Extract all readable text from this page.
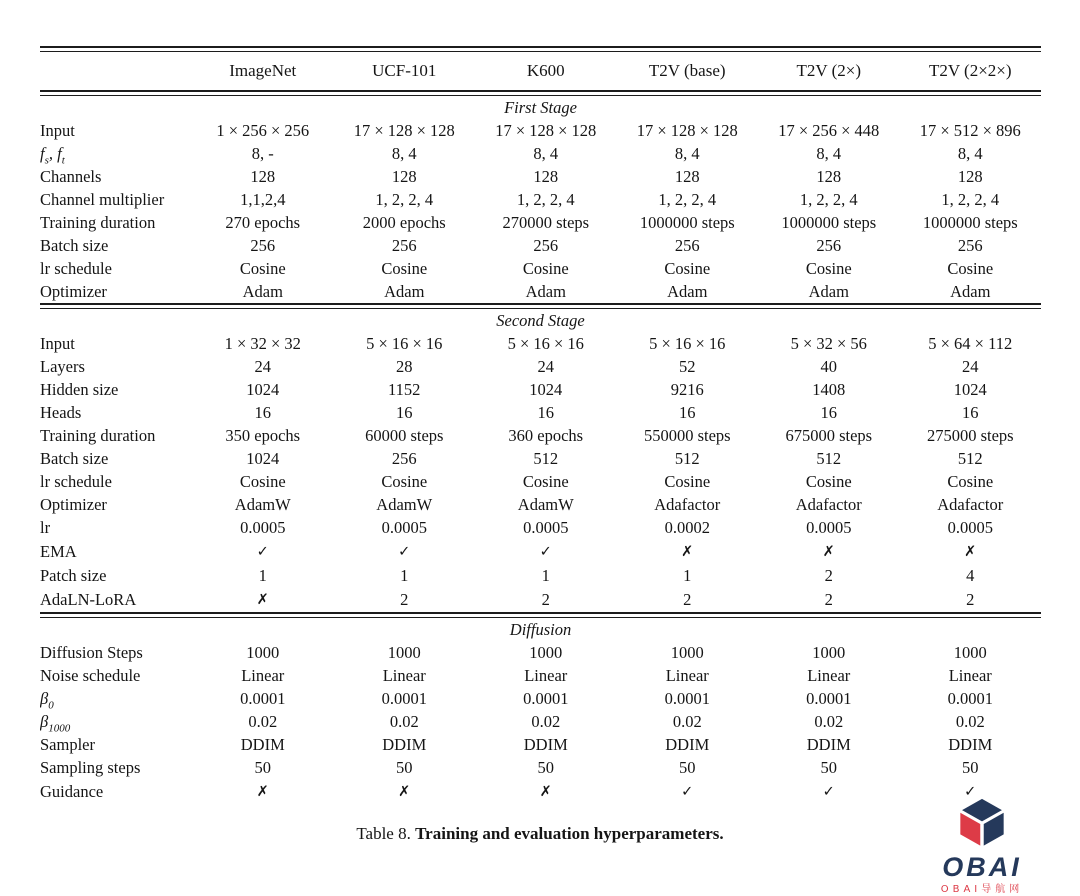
	ImageNet	UCF-101	K600	T2V (base)	T2V (2×)	T2V (2×2×)

First Stage						
Input	1 × 256 × 256	17 × 128 × 128	17 × 128 × 128	17 × 128 × 128	17 × 256 × 448	17 × 512 × 896
$f_s$, $f_t$	8, -	8, 4	8, 4	8, 4	8, 4	8, 4
Channels	128	128	128	128	128	128
Channel multiplier	1,1,2,4	1, 2, 2, 4	1, 2, 2, 4	1, 2, 2, 4	1, 2, 2, 4	1, 2, 2, 4
Training duration	270 epochs	2000 epochs	270000 steps	1000000 steps	1000000 steps	1000000 steps
Batch size	256	256	256	256	256	256
lr schedule	Cosine	Cosine	Cosine	Cosine	Cosine	Cosine
Optimizer	Adam	Adam	Adam	Adam	Adam	Adam

Second Stage						
Input	1 × 32 × 32	5 × 16 × 16	5 × 16 × 16	5 × 16 × 16	5 × 32 × 56	5 × 64 × 112
Layers	24	28	24	52	40	24
Hidden size	1024	1152	1024	9216	1408	1024
Heads	16	16	16	16	16	16
Training duration	350 epochs	60000 steps	360 epochs	550000 steps	675000 steps	275000 steps
Batch size	1024	256	512	512	512	512
lr schedule	Cosine	Cosine	Cosine	Cosine	Cosine	Cosine
Optimizer	AdamW	AdamW	AdamW	Adafactor	Adafactor	Adafactor
lr	0.0005	0.0005	0.0005	0.0002	0.0005	0.0005
EMA	✓	✓	✓	✗	✗	✗
Patch size	1	1	1	1	2	4
AdaLN-LoRA	✗	2	2	2	2	2

Diffusion						
Diffusion Steps	1000	1000	1000	1000	1000	1000
Noise schedule	Linear	Linear	Linear	Linear	Linear	Linear
$\beta_0$	0.0001	0.0001	0.0001	0.0001	0.0001	0.0001
$\beta_{1000}$	0.02	0.02	0.02	0.02	0.02	0.02
Sampler	DDIM	DDIM	DDIM	DDIM	DDIM	DDIM
Sampling steps	50	50	50	50	50	50
Guidance	✗	✗	✗	✓	✓	✓
Table 8. Training and evaluation hyperparameters.
OBAI
OBAI导航网
